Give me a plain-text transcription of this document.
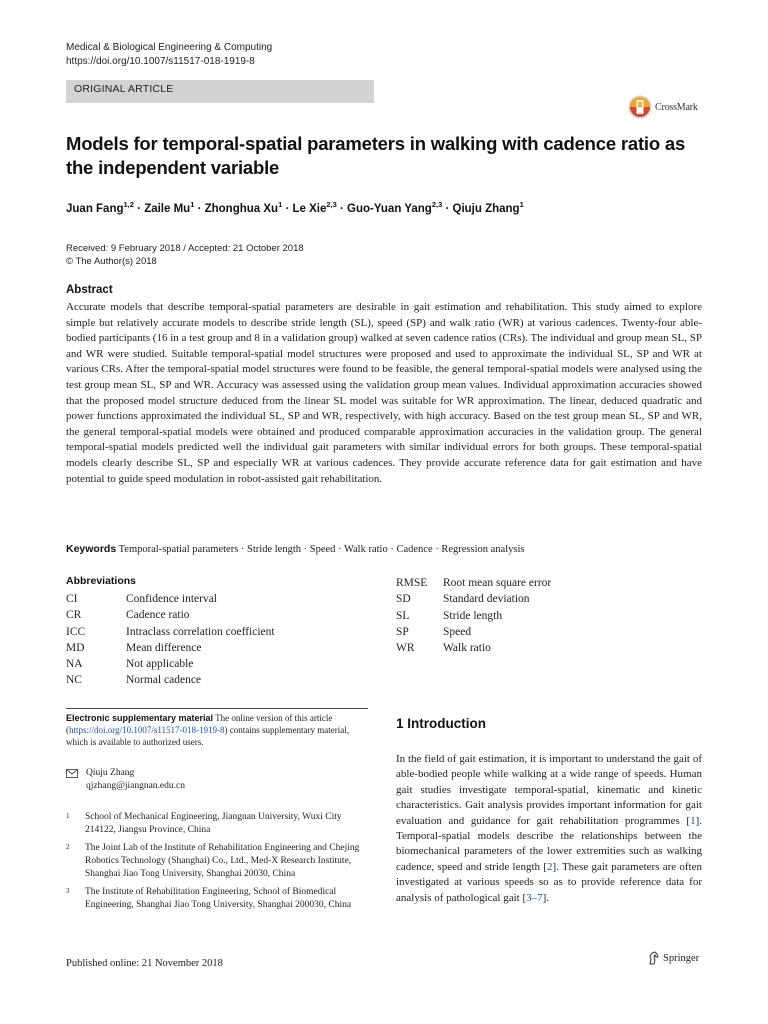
Medical & Biological Engineering & Computing
https://doi.org/10.1007/s11517-018-1919-8
ORIGINAL ARTICLE
CrossMark
Models for temporal-spatial parameters in walking with cadence ratio as the independent variable
Juan Fang$^{1,2}$ · Zaile $Mu^1$ · Zhonghua $Xu^1 \cdot Le$ Xie$^{2,3}$ · Guo-Yuan Yang$^{2,3}$ · Qiuju Zhang$^1$
Received: 9 February 2018 / Accepted: 21 October 2018
© The Author(s) 2018
Abstract
Accurate models that describe temporal-spatial parameters are desirable in gait estimation and rehabilitation. This study aimed to explore simple but relatively accurate models to describe stride length (SL), speed (SP) and walk ratio (WR) at various cadences. Twenty-four able-bodied participants (16 in a test group and 8 in a validation group) walked at seven cadence ratios (CRs). The individual and group mean SL, SP and WR were studied. Suitable temporal-spatial model structures were proposed and used to approximate the individual SL, SP and WR at various CRs. After the temporal-spatial model structures were found to be feasible, the general temporal-spatial models were analysed using the test group mean SL, SP and WR. Accuracy was assessed using the validation group mean values. Individual approximation accuracies showed that the proposed model structure deduced from the linear SL model was suitable for WR approximation. The linear, deduced quadratic and power functions approximated the individual SL, SP and WR, respectively, with high accuracy. Based on the test group mean SL, SP and WR, the general temporal-spatial models were obtained and produced comparable approximation accuracies in the validation group. The general temporal-spatial models predicted well the individual gait parameters with similar individual errors for both groups. These temporal-spatial models clearly describe SL, SP and especially WR at various cadences. They provide accurate reference data for gait estimation and have potential to guide speed modulation in robot-assisted gait rehabilitation.
Keywords Temporal-spatial parameters · Stride length · Speed · Walk ratio · Cadence · Regression analysis
Abbreviations
CI	Confidence interval
CR	Cadence ratio
ICC	Intraclass correlation coefficient
MD	Mean difference
NA	Not applicable
NC	Normal cadence
RMSE	Root mean square error
SD	Standard deviation
SL	Stride length
SP	Speed
WR	Walk ratio
Electronic supplementary material The online version of this article (https://doi.org/10.1007/s11517-018-1919-8) contains supplementary material, which is available to authorized users.
Qiuju Zhang
qjzhang@jiangnan.edu.cn
1 School of Mechanical Engineering, Jiangnan University, Wuxi City 214122, Jiangsu Province, China
2 The Joint Lab of the Institute of Rehabilitation Engineering and Chejing Robotics Technology (Shanghai) Co., Ltd., Med-X Research Institute, Shanghai Jiao Tong University, Shanghai 20030, China
3 The Institute of Rehabilitation Engineering, School of Biomedical Engineering, Shanghai Jiao Tong University, Shanghai 200030, China
1 Introduction
In the field of gait estimation, it is important to understand the gait of able-bodied people while walking at a wide range of speeds. Human gait studies investigate temporal-spatial, kinematic and kinetic characteristics. Gait analysis provides important information for gait evaluation and guidance for gait rehabilitation programmes [1]. Temporal-spatial models describe the relationships between the biomechanical parameters of the lower extremities such as walking cadence, speed and stride length [2]. These gait parameters are often investigated at various speeds so as to provide reference data for analysis of pathological gait [3–7].
Published online: 21 November 2018	Springer
